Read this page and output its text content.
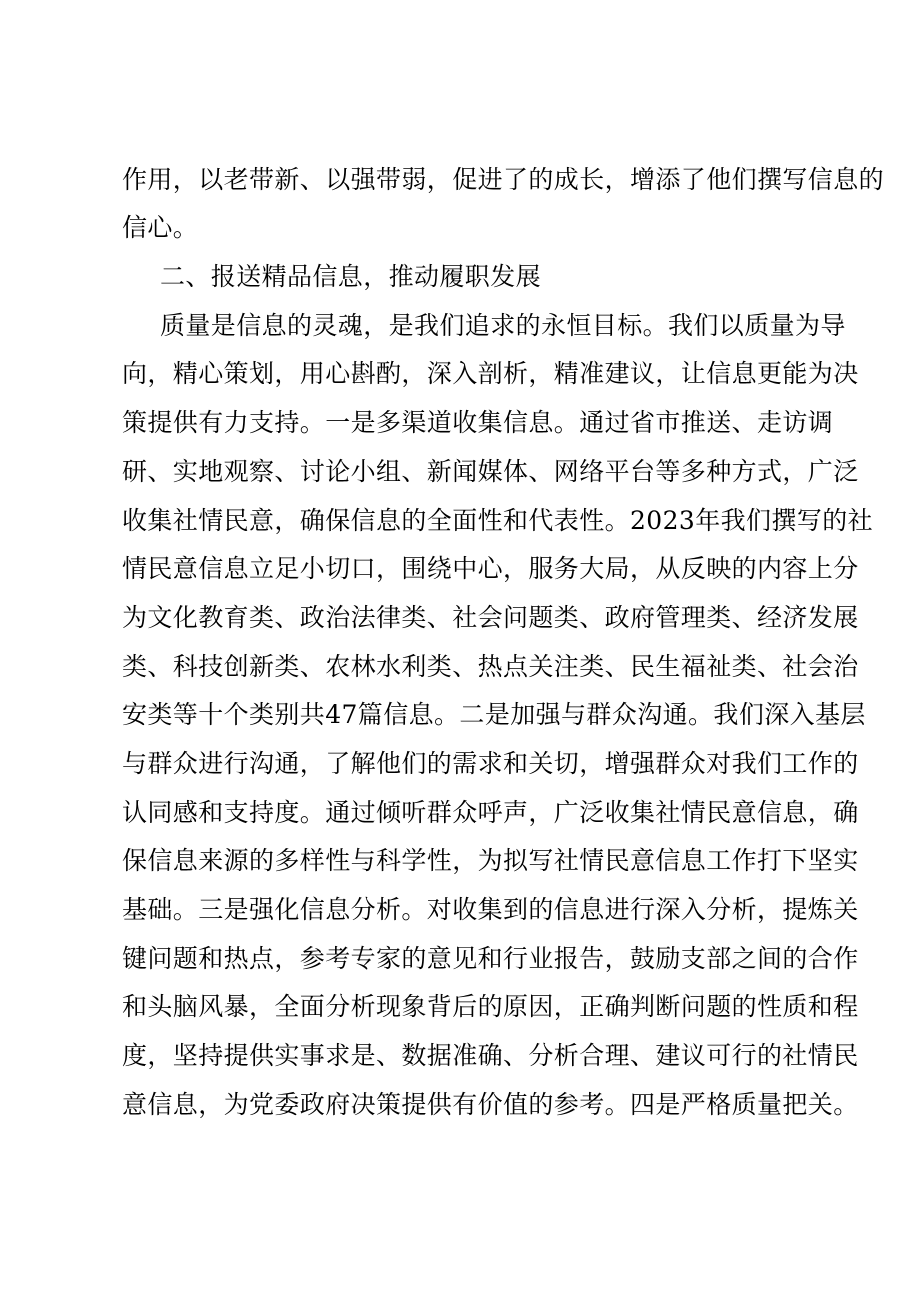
作用，以老带新、以强带弱，促进了的成长，增添了他们撰写信息的
信心。
二、报送精品信息，推动履职发展
质量是信息的灵魂，是我们追求的永恒目标。我们以质量为导
向，精心策划，用心斟酌，深入剖析，精准建议，让信息更能为决
策提供有力支持。一是多渠道收集信息。通过省市推送、走访调
研、实地观察、讨论小组、新闻媒体、网络平台等多种方式，广泛
收集社情民意，确保信息的全面性和代表性。2023年我们撰写的社
情民意信息立足小切口，围绕中心，服务大局，从反映的内容上分
为文化教育类、政治法律类、社会问题类、政府管理类、经济发展
类、科技创新类、农林水利类、热点关注类、民生福祉类、社会治
安类等十个类别共47篇信息。二是加强与群众沟通。我们深入基层
与群众进行沟通，了解他们的需求和关切，增强群众对我们工作的
认同感和支持度。通过倾听群众呼声，广泛收集社情民意信息，确
保信息来源的多样性与科学性，为拟写社情民意信息工作打下坚实
基础。三是强化信息分析。对收集到的信息进行深入分析，提炼关
键问题和热点，参考专家的意见和行业报告，鼓励支部之间的合作
和头脑风暴，全面分析现象背后的原因，正确判断问题的性质和程
度，坚持提供实事求是、数据准确、分析合理、建议可行的社情民
意信息，为党委政府决策提供有价值的参考。四是严格质量把关。
